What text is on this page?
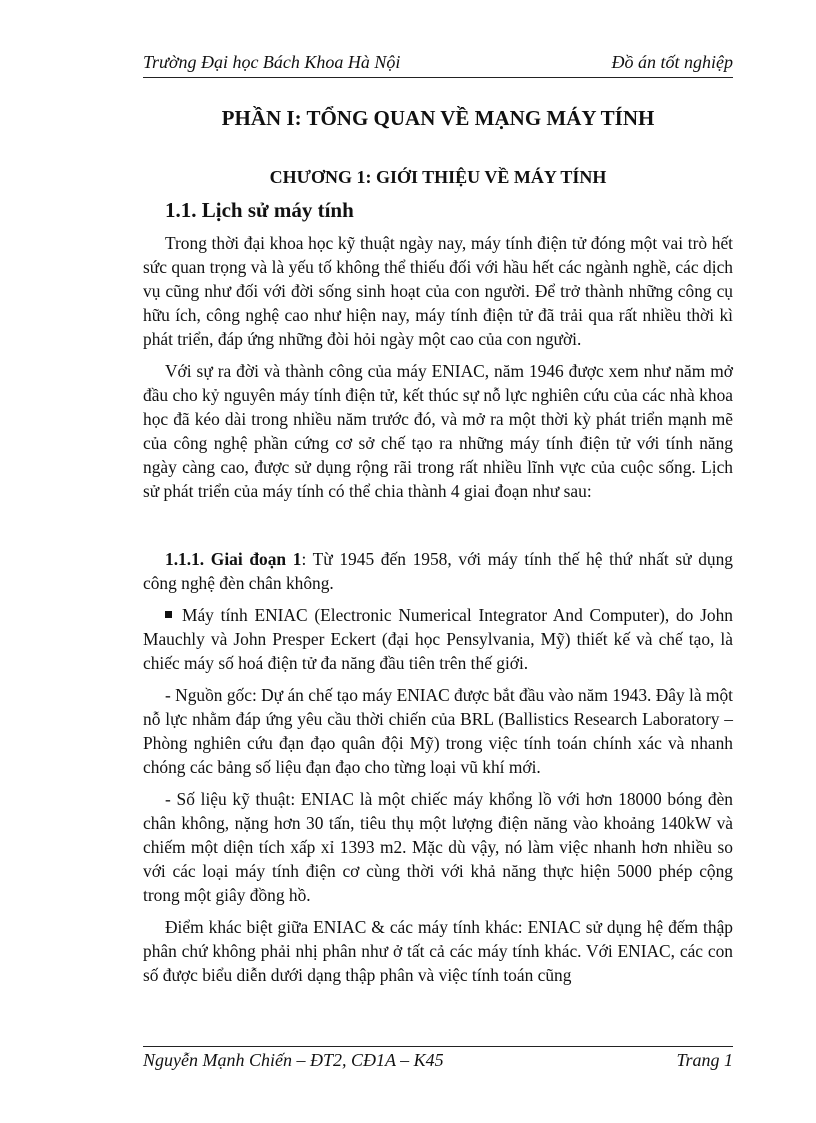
Trường Đại học Bách Khoa Hà Nội	Đồ án tốt nghiệp
PHẦN I: TỔNG QUAN VỀ MẠNG MÁY TÍNH
CHƯƠNG 1: GIỚI THIỆU VỀ MÁY TÍNH
1.1. Lịch sử máy tính

Trong thời đại khoa học kỹ thuật ngày nay, máy tính điện tử đóng một vai trò hết sức quan trọng và là yếu tố không thể thiếu đối với hầu hết các ngành nghề, các dịch vụ cũng như đối với đời sống sinh hoạt của con người. Để trở thành những công cụ hữu ích, công nghệ cao như hiện nay, máy tính điện tử đã trải qua rất nhiều thời kì phát triển, đáp ứng những đòi hỏi ngày một cao của con người.

Với sự ra đời và thành công của máy ENIAC, năm 1946 được xem như năm mở đầu cho kỷ nguyên máy tính điện tử, kết thúc sự nỗ lực nghiên cứu của các nhà khoa học đã kéo dài trong nhiều năm trước đó, và mở ra một thời kỳ phát triển mạnh mẽ của công nghệ phần cứng cơ sở chế tạo ra những máy tính điện tử với tính năng ngày càng cao, được sử dụng rộng rãi trong rất nhiều lĩnh vực của cuộc sống. Lịch sử phát triển của máy tính có thể chia thành 4 giai đoạn như sau:

1.1.1. Giai đoạn 1: Từ 1945 đến 1958, với máy tính thế hệ thứ nhất sử dụng công nghệ đèn chân không.

Máy tính ENIAC (Electronic Numerical Integrator And Computer), do John Mauchly và John Presper Eckert (đại học Pensylvania, Mỹ) thiết kế và chế tạo, là chiếc máy số hoá điện tử đa năng đầu tiên trên thế giới.

- Nguồn gốc: Dự án chế tạo máy ENIAC được bắt đầu vào năm 1943. Đây là một nỗ lực nhằm đáp ứng yêu cầu thời chiến của BRL (Ballistics Research Laboratory – Phòng nghiên cứu đạn đạo quân đội Mỹ) trong việc tính toán chính xác và nhanh chóng các bảng số liệu đạn đạo cho từng loại vũ khí mới.

- Số liệu kỹ thuật: ENIAC là một chiếc máy khổng lồ với hơn 18000 bóng đèn chân không, nặng hơn 30 tấn, tiêu thụ một lượng điện năng vào khoảng 140kW và chiếm một diện tích xấp xỉ 1393 m2. Mặc dù vậy, nó làm việc nhanh hơn nhiều so với các loại máy tính điện cơ cùng thời với khả năng thực hiện 5000 phép cộng trong một giây đồng hồ.

Điểm khác biệt giữa ENIAC & các máy tính khác: ENIAC sử dụng hệ đếm thập phân chứ không phải nhị phân như ở tất cả các máy tính khác. Với ENIAC, các con số được biểu diễn dưới dạng thập phân và việc tính toán cũng

Nguyễn Mạnh Chiến – ĐT2, CĐ1A – K45	Trang 1
